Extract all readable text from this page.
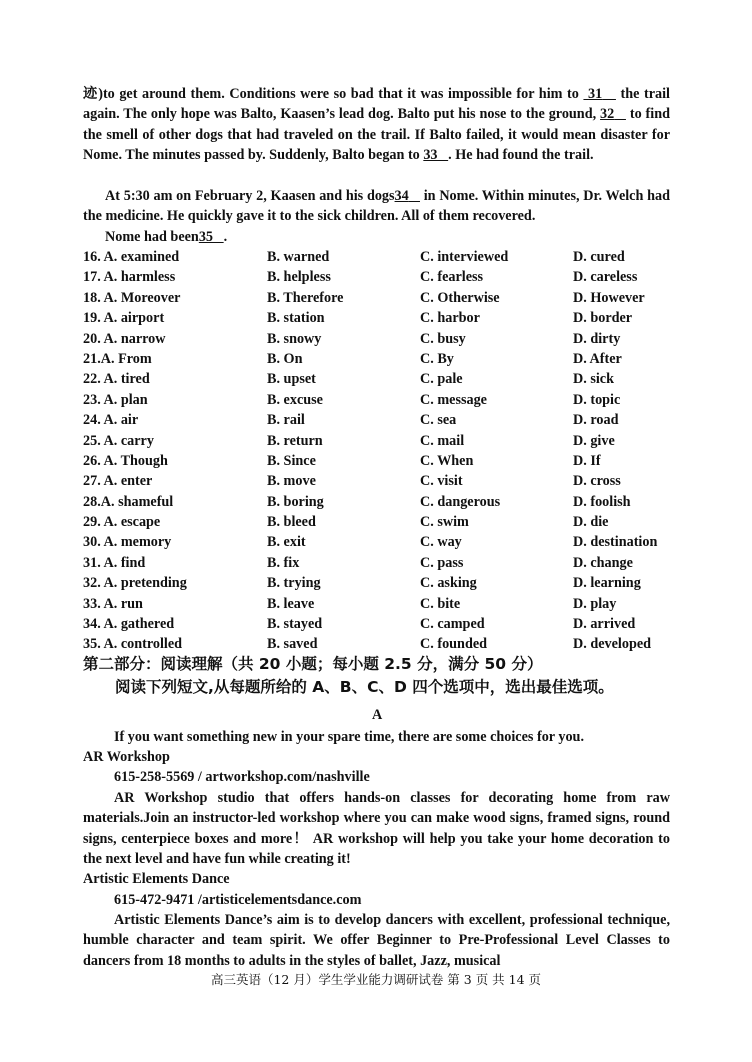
迹)to get around them. Conditions were so bad that it was impossible for him to  31    the trail again. The only hope was Balto, Kaasen’s lead dog. Balto put his nose to the ground, 32    to find the smell of other dogs that had traveled on the trail. If Balto failed, it would mean disaster for Nome. The minutes passed by. Suddenly, Balto began to 33 . He had found the trail.
At 5:30 am on February 2, Kaasen and his dogs34    in Nome. Within minutes, Dr. Welch had the medicine. He quickly gave it to the sick children. All of them recovered.
Nome had been35 .
16. A. examined	B. warned	C. interviewed	D. cured
17. A. harmless	B. helpless	C. fearless	D. careless
18. A. Moreover	B. Therefore	C. Otherwise	D. However
19. A. airport	B. station	C. harbor	D. border
20. A. narrow	B. snowy	C. busy	D. dirty
21.A. From	B. On	C. By	D. After
22. A. tired	B. upset	C. pale	D. sick
23. A. plan	B. excuse	C. message	D. topic
24. A. air	B. rail	C. sea	D. road
25. A. carry	B. return	C. mail	D. give
26. A. Though	B. Since	C. When	D. If
27. A. enter	B. move	C. visit	D. cross
28.A. shameful	B. boring	C. dangerous	D. foolish
29. A. escape	B. bleed	C. swim	D. die
30. A. memory	B. exit	C. way	D. destination
31. A. find	B. fix	C. pass	D. change
32. A. pretending	B. trying	C. asking	D. learning
33. A. run	B. leave	C. bite	D. play
34. A. gathered	B. stayed	C. camped	D. arrived
35. A. controlled	B. saved	C. founded	D. developed
第二部分：阅读理解（共 20 小题；每小题 2.5 分，满分 50 分）
阅读下列短文,从每题所给的 A、B、C、D 四个选项中，选出最佳选项。
A
If you want something new in your spare time, there are some choices for you.
AR Workshop
615-258-5569 / artworkshop.com/nashville
AR Workshop studio that offers hands-on classes for decorating home from raw materials.Join an instructor-led workshop where you can make wood signs, framed signs, round signs, centerpiece boxes and more！ AR workshop will help you take your home decoration to the next level and have fun while creating it!
Artistic Elements Dance
615-472-9471 /artisticelementsdance.com
Artistic Elements Dance’s aim is to develop dancers with excellent, professional technique, humble character and team spirit. We offer Beginner to Pre-Professional Level Classes to dancers from 18 months to adults in the styles of ballet, Jazz, musical
高三英语（12 月）学生学业能力调研试卷 第 3 页 共 14 页
